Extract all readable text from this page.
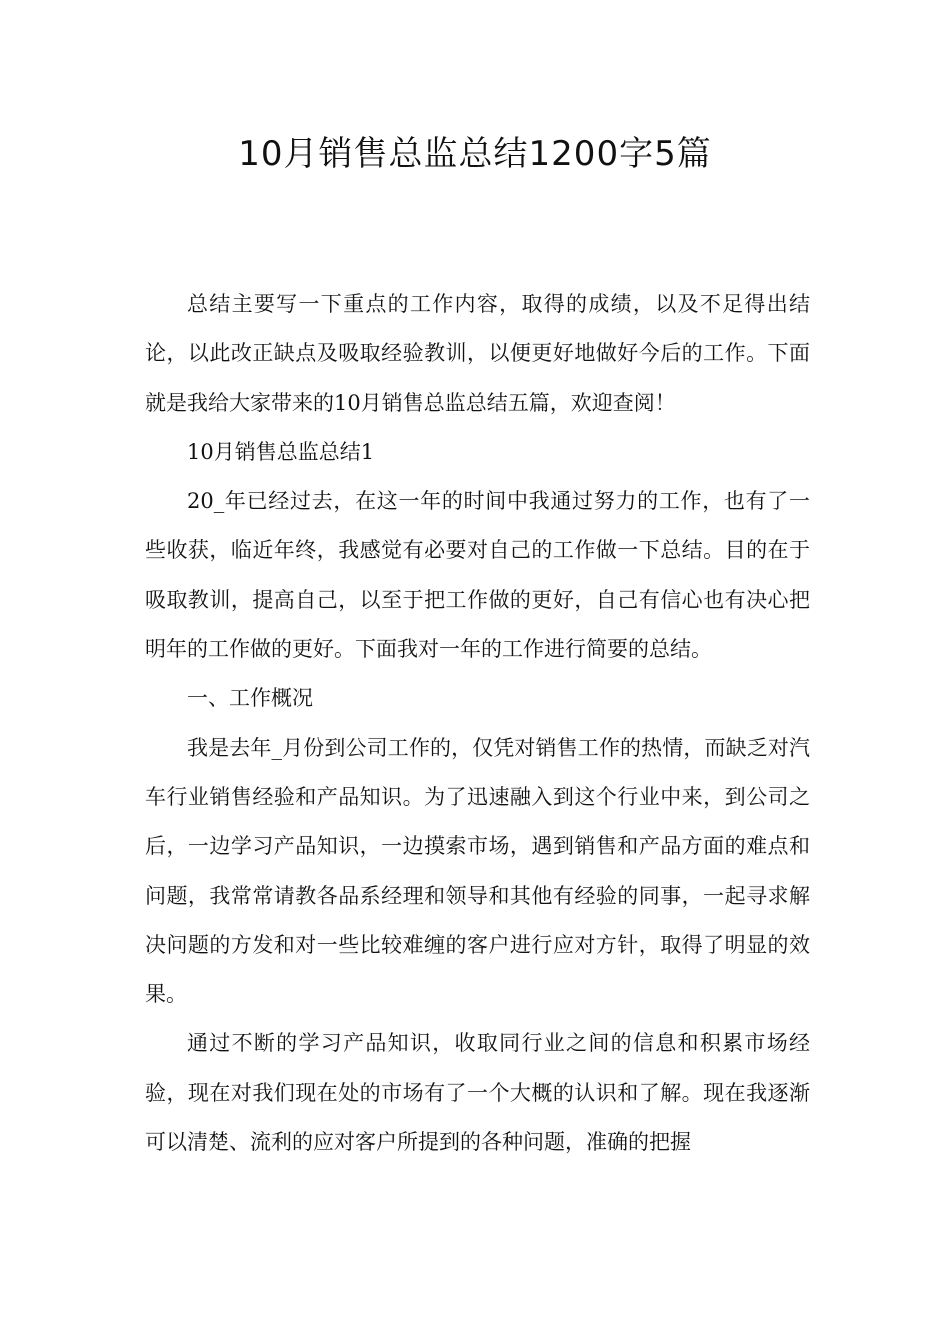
10月销售总监总结1200字5篇

总结主要写一下重点的工作内容，取得的成绩，以及不足得出结论，以此改正缺点及吸取经验教训，以便更好地做好今后的工作。下面就是我给大家带来的10月销售总监总结五篇，欢迎查阅！

10月销售总监总结1

20_年已经过去，在这一年的时间中我通过努力的工作，也有了一些收获，临近年终，我感觉有必要对自己的工作做一下总结。目的在于吸取教训，提高自己，以至于把工作做的更好，自己有信心也有决心把明年的工作做的更好。下面我对一年的工作进行简要的总结。

一、工作概况

我是去年_月份到公司工作的，仅凭对销售工作的热情，而缺乏对汽车行业销售经验和产品知识。为了迅速融入到这个行业中来，到公司之后，一边学习产品知识，一边摸索市场，遇到销售和产品方面的难点和问题，我常常请教各品系经理和领导和其他有经验的同事，一起寻求解决问题的方发和对一些比较难缠的客户进行应对方针，取得了明显的效果。

通过不断的学习产品知识，收取同行业之间的信息和积累市场经验，现在对我们现在处的市场有了一个大概的认识和了解。现在我逐渐可以清楚、流利的应对客户所提到的各种问题，准确的把握
